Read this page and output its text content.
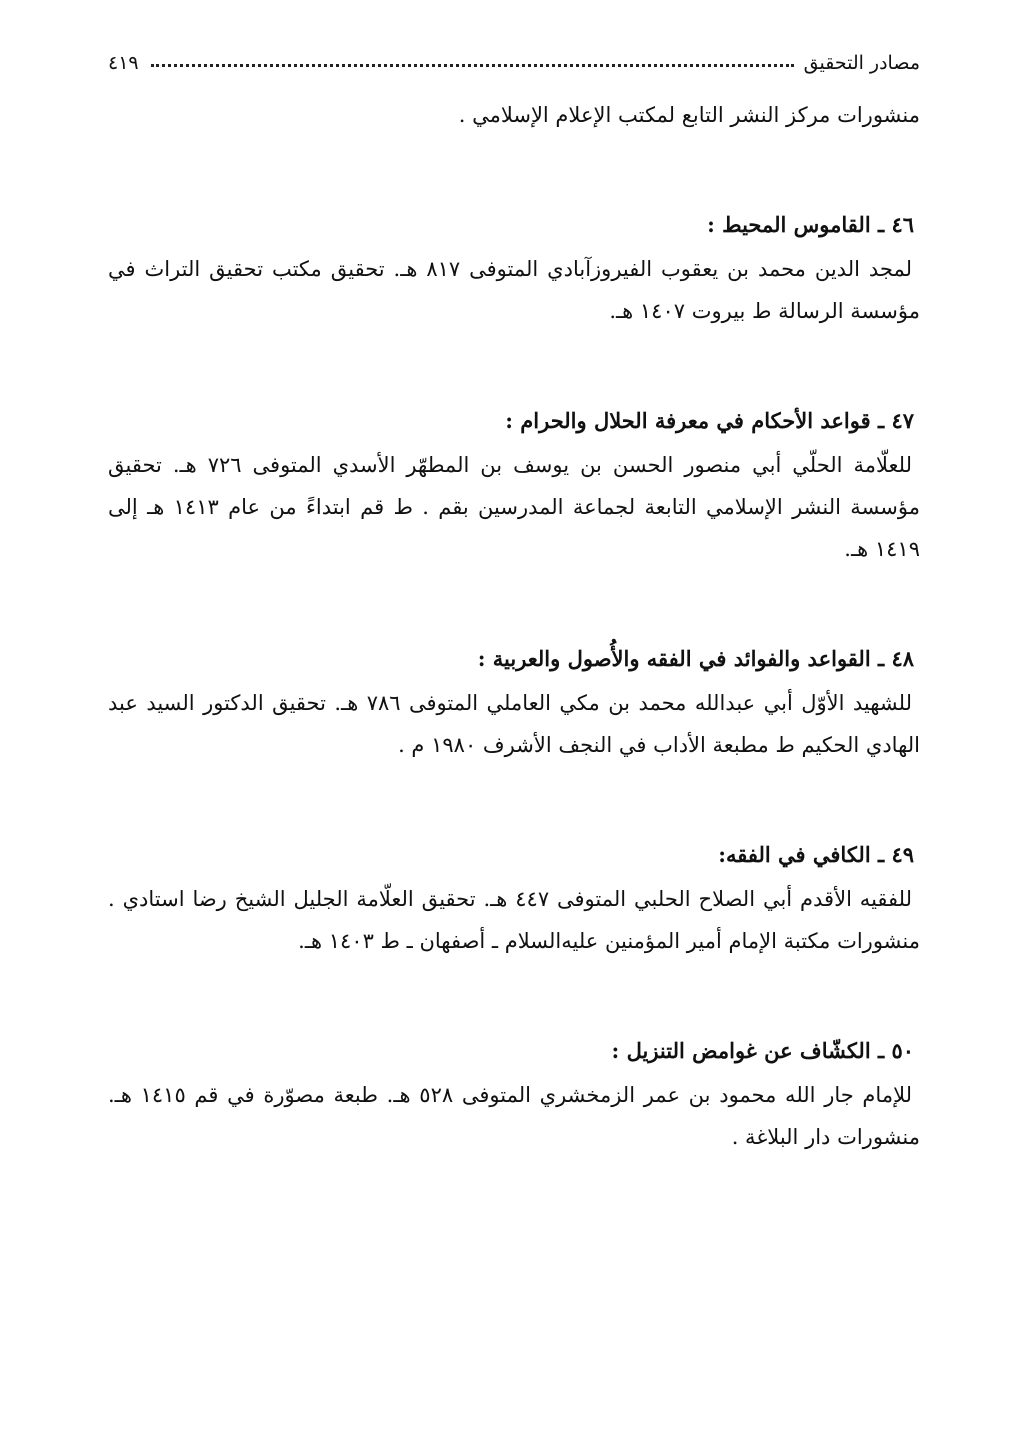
مصادر التحقيق
٤١٩

منشورات مركز النشر التابع لمكتب الإعلام الإسلامي .

٤٦ ـ القاموس المحيط :

لمجد الدين محمد بن يعقوب الفيروزآبادي المتوفى ٨١٧ هـ. تحقيق مكتب تحقيق التراث في مؤسسة الرسالة ط بيروت ١٤٠٧ هـ.

٤٧ ـ قواعد الأحكام في معرفة الحلال والحرام :

للعلّامة الحلّي أبي منصور الحسن بن يوسف بن المطهّر الأسدي المتوفى ٧٢٦ هـ. تحقيق مؤسسة النشر الإسلامي التابعة لجماعة المدرسين بقم . ط قم ابتداءً من عام ١٤١٣ هـ إلى ١٤١٩ هـ.

٤٨ ـ القواعد والفوائد في الفقه والأُصول والعربية :

للشهيد الأوّل أبي عبدالله محمد بن مكي العاملي المتوفى ٧٨٦ هـ. تحقيق الدكتور السيد عبد الهادي الحكيم ط مطبعة الأداب في النجف الأشرف ١٩٨٠ م .

٤٩ ـ الكافي في الفقه:

للفقيه الأقدم أبي الصلاح الحلبي المتوفى ٤٤٧ هـ. تحقيق العلّامة الجليل الشيخ رضا استادي . منشورات مكتبة الإمام أمير المؤمنين عليه‌السلام ـ أصفهان ـ ط ١٤٠٣ هـ.

٥٠ ـ الكشّاف عن غوامض التنزيل :

للإمام جار الله محمود بن عمر الزمخشري المتوفى ٥٢٨ هـ. طبعة مصوّرة في قم ١٤١٥ هـ. منشورات دار البلاغة .
